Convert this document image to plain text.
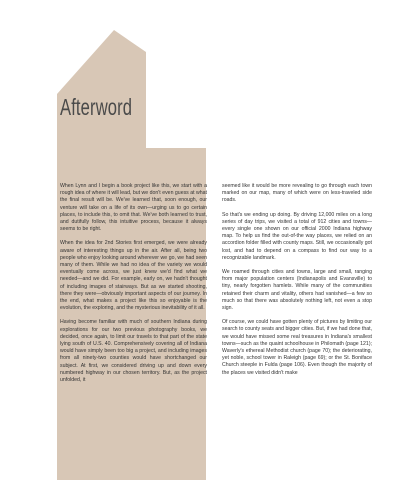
Afterword

When Lynn and I begin a book project like this, we start with a rough idea of where it will lead, but we don't even guess at what the final result will be. We've learned that, soon enough, our venture will take on a life of its own—urging us to go certain places, to include this, to omit that. We've both learned to trust, and dutifully follow, this intuitive process, because it always seems to be right.

When the idea for 2nd Stories first emerged, we were already aware of interesting things up in the air. After all, being two people who enjoy looking around wherever we go, we had seen many of them. While we had no idea of the variety we would eventually come across, we just knew we'd find what we needed—and we did. For example, early on, we hadn't thought of including images of stairways. But as we started shooting, there they were—obviously important aspects of our journey. In the end, what makes a project like this so enjoyable is the evolution, the exploring, and the mysterious inevitability of it all.

Having become familiar with much of southern Indiana during explorations for our two previous photography books, we decided, once again, to limit our travels to that part of the state lying south of U.S. 40. Comprehensively covering all of Indiana would have simply been too big a project, and including images from all ninety-two counties would have shortchanged our subject. At first, we considered driving up and down every numbered highway in our chosen territory. But, as the project unfolded, it

seemed like it would be more revealing to go through each town marked on our map, many of which were on less-traveled side roads.

So that's we ending up doing. By driving 12,000 miles on a long series of day trips, we visited a total of 912 cities and towns—every single one shown on our official 2000 Indiana highway map. To help us find the out-of-the way places, we relied on an accordion folder filled with county maps. Still, we occasionally got lost, and had to depend on a compass to find our way to a recognizable landmark.

We roamed through cities and towns, large and small, ranging from major population centers (Indianapolis and Evansville) to tiny, nearly forgotten hamlets. While many of the communities retained their charm and vitality, others had vanished—a few so much so that there was absolutely nothing left, not even a stop sign.

Of course, we could have gotten plenty of pictures by limiting our search to county seats and bigger cities. But, if we had done that, we would have missed some real treasures in Indiana's smallest towns—such as the quaint schoolhouse in Philomath (page 121); Waverly's ethereal Methodist church (page 70); the deteriorating, yet noble, school tower in Raleigh (page 69); or the St. Boniface Church steeple in Fulda (page 106). Even though the majority of the places we visited didn't make
